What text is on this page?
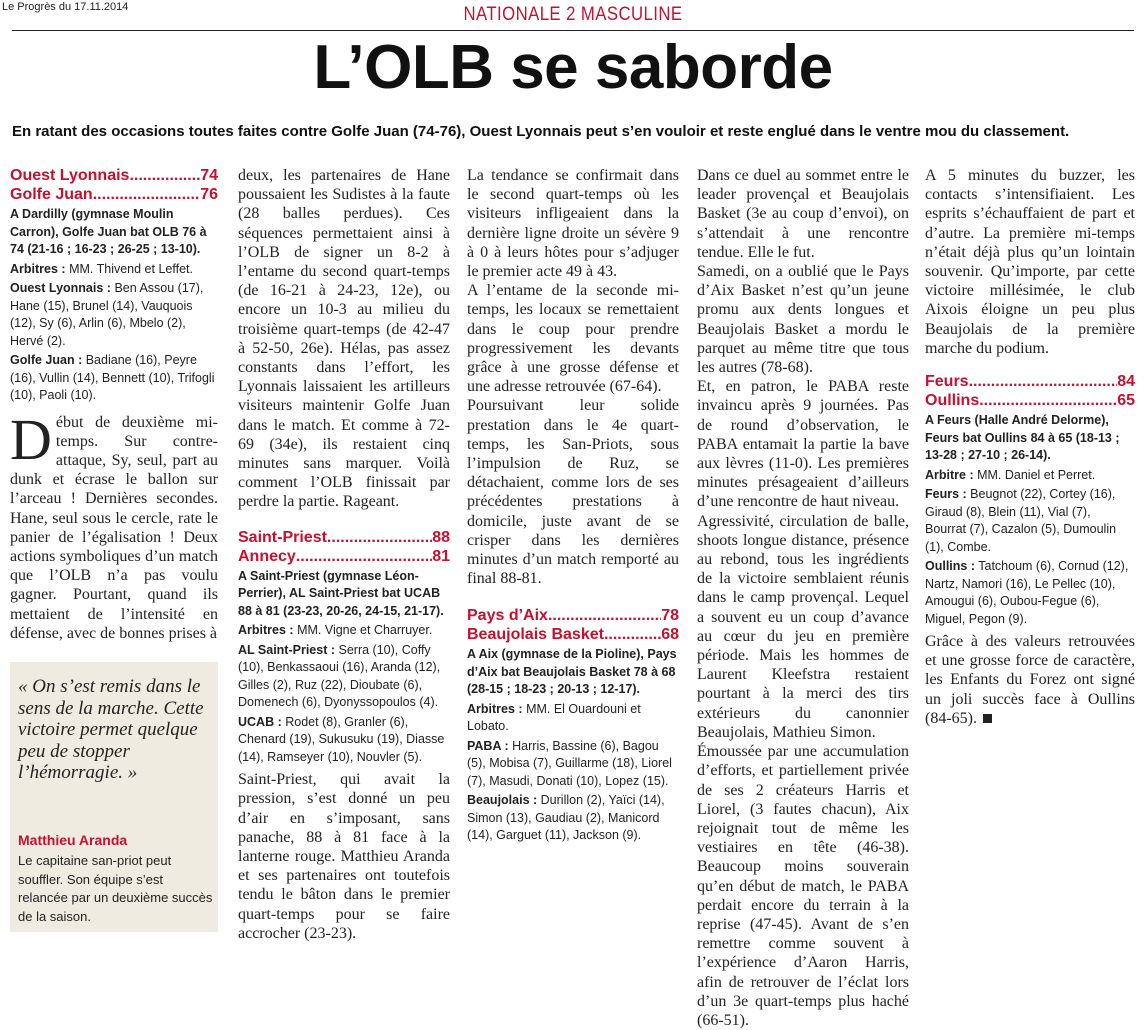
Le Progrès du 17.11.2014	NATIONALE 2 MASCULINE
L’OLB se saborde
En ratant des occasions toutes faites contre Golfe Juan (74-76), Ouest Lyonnais peut s’en vouloir et reste englué dans le ventre mou du classement.
Ouest Lyonnais .....	74
Golfe Juan .....	76
A Dardilly (gymnase Moulin Carron), Golfe Juan bat OLB 76 à 74 (21-16 ; 16-23 ; 26-25 ; 13-10).
Arbitres : MM. Thivend et Leffet.
Ouest Lyonnais : Ben Assou (17), Hane (15), Brunel (14), Vauquois (12), Sy (6), Arlin (6), Mbelo (2), Hervé (2).
Golfe Juan : Badiane (16), Peyre (16), Vullin (14), Bennett (10), Trifogli (10), Paoli (10).

Début de deuxième mi-temps. Sur contre-attaque, Sy, seul, part au dunk et écrase le ballon sur l’arceau ! Dernières secondes. Hane, seul sous le cercle, rate le panier de l’égalisation ! Deux actions symboliques d’un match que l’OLB n’a pas voulu gagner. Pourtant, quand ils mettaient de l’intensité en défense, avec de bonnes prises à

« On s’est remis dans le sens de la marche. Cette victoire permet quelque peu de stopper l’hémorragie. »
Matthieu Aranda
Le capitaine san-priot peut souffler. Son équipe s’est relancée par un deuxième succès de la saison.

deux, les partenaires de Hane poussaient les Sudistes à la faute (28 balles perdues). Ces séquences permettaient ainsi à l’OLB de signer un 8-2 à l’entame du second quart-temps (de 16-21 à 24-23, 12e), ou encore un 10-3 au milieu du troisième quart-temps (de 42-47 à 52-50, 26e). Hélas, pas assez constants dans l’effort, les Lyonnais laissaient les artilleurs visiteurs maintenir Golfe Juan dans le match. Et comme à 72-69 (34e), ils restaient cinq minutes sans marquer. Voilà comment l’OLB finissait par perdre la partie. Rageant.

Saint-Priest .....	88
Annecy .....	81
A Saint-Priest (gymnase Léon-Perrier), AL Saint-Priest bat UCAB 88 à 81 (23-23, 20-26, 24-15, 21-17).
Arbitres : MM. Vigne et Charruyer.
AL Saint-Priest : Serra (10), Coffy (10), Benkassaoui (16), Aranda (12), Gilles (2), Ruz (22), Dioubate (6), Domenech (6), Dyonyssopoulos (4).
UCAB : Rodet (8), Granler (6), Chenard (19), Sukusuku (19), Diasse (14), Ramseyer (10), Nouvler (5).

Saint-Priest, qui avait la pression, s’est donné un peu d’air en s’imposant, sans panache, 88 à 81 face à la lanterne rouge. Matthieu Aranda et ses partenaires ont toutefois tendu le bâton dans le premier quart-temps pour se faire accrocher (23-23).

La tendance se confirmait dans le second quart-temps où les visiteurs infligeaient dans la dernière ligne droite un sévère 9 à 0 à leurs hôtes pour s’adjuger le premier acte 49 à 43.

A l’entame de la seconde mi-temps, les locaux se remettaient dans le coup pour prendre progressivement les devants grâce à une grosse défense et une adresse retrouvée (67-64).

Poursuivant leur solide prestation dans le 4e quart-temps, les San-Priots, sous l’impulsion de Ruz, se détachaient, comme lors de ses précédentes prestations à domicile, juste avant de se crisper dans les dernières minutes d’un match remporté au final 88-81.

Pays d’Aix .....	78
Beaujolais Basket .....	68
A Aix (gymnase de la Pioline), Pays d’Aix bat Beaujolais Basket 78 à 68 (28-15 ; 18-23 ; 20-13 ; 12-17).
Arbitres : MM. El Ouardouni et Lobato.
PABA : Harris, Bassine (6), Bagou (5), Mobisa (7), Guillarme (18), Liorel (7), Masudi, Donati (10), Lopez (15).
Beaujolais : Durillon (2), Yaïci (14), Simon (13), Gaudiau (2), Manicord (14), Garguet (11), Jackson (9).

Dans ce duel au sommet entre le leader provençal et Beaujolais Basket (3e au coup d’envoi), on s’attendait à une rencontre tendue. Elle le fut.

Samedi, on a oublié que le Pays d’Aix Basket n’est qu’un jeune promu aux dents longues et Beaujolais Basket a mordu le parquet au même titre que tous les autres (78-68).

Et, en patron, le PABA reste invaincu après 9 journées. Pas de round d’observation, le PABA entamait la partie la bave aux lèvres (11-0). Les premières minutes présageaient d’ailleurs d’une rencontre de haut niveau.

Agressivité, circulation de balle, shoots longue distance, présence au rebond, tous les ingrédients de la victoire semblaient réunis dans le camp provençal. Lequel a souvent eu un coup d’avance au cœur du jeu en première période. Mais les hommes de Laurent Kleefstra restaient pourtant à la merci des tirs extérieurs du canonnier Beaujolais, Mathieu Simon.

Émoussée par une accumulation d’efforts, et partiellement privée de ses 2 créateurs Harris et Liorel, (3 fautes chacun), Aix rejoignait tout de même les vestiaires en tête (46-38). Beaucoup moins souverain qu’en début de match, le PABA perdait encore du terrain à la reprise (47-45). Avant de s’en remettre comme souvent à l’expérience d’Aaron Harris, afin de retrouver de l’éclat lors d’un 3e quart-temps plus haché (66-51).

A 5 minutes du buzzer, les contacts s’intensifiaient. Les esprits s’échauffaient de part et d’autre. La première mi-temps n’était déjà plus qu’un lointain souvenir. Qu’importe, par cette victoire millésimée, le club Aixois éloigne un peu plus Beaujolais de la première marche du podium.

Feurs .....	84
Oullins .....	65
A Feurs (Halle André Delorme), Feurs bat Oullins 84 à 65 (18-13 ; 13-28 ; 27-10 ; 26-14).
Arbitre : MM. Daniel et Perret.
Feurs : Beugnot (22), Cortey (16), Giraud (8), Blein (11), Vial (7), Bourrat (7), Cazalon (5), Dumoulin (1), Combe.
Oullins : Tatchoum (6), Cornud (12), Nartz, Namori (16), Le Pellec (10), Amougui (6), Oubou-Fegue (6), Miguel, Pegon (9).

Grâce à des valeurs retrouvées et une grosse force de caractère, les Enfants du Forez ont signé un joli succès face à Oullins (84-65).
